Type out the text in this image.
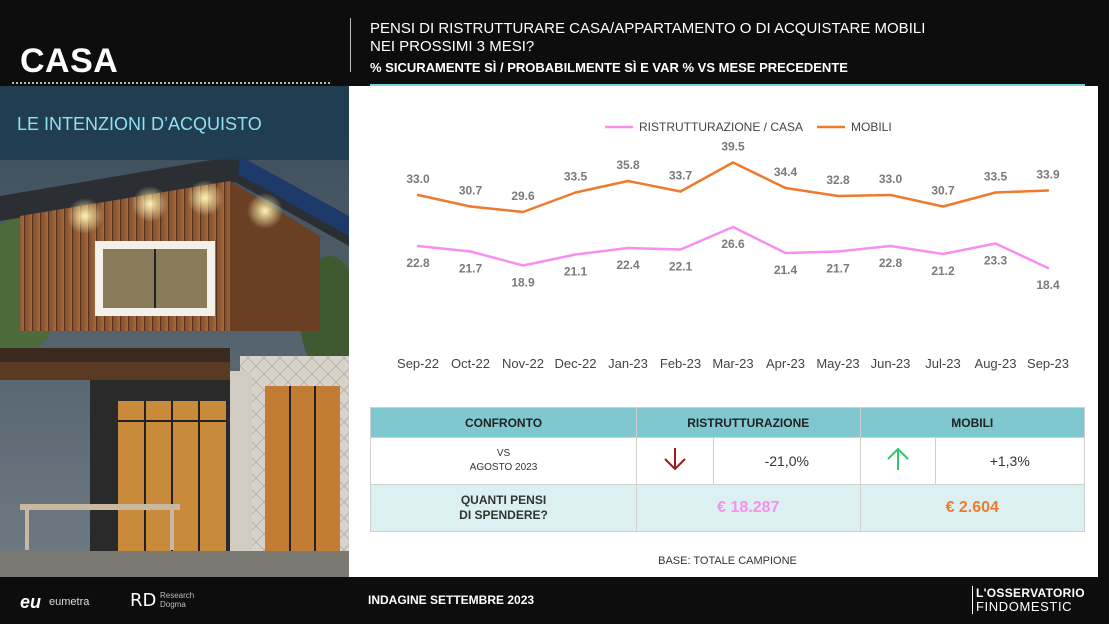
CASA
PENSI DI RISTRUTTURARE CASA/APPARTAMENTO O DI ACQUISTARE MOBILI
NEI PROSSIMI 3 MESI?
% SICURAMENTE SÌ / PROBABILMENTE SÌ E VAR % VS MESE PRECEDENTE
LE INTENZIONI D’ACQUISTO	RISTRUTTURAZIONE / CASA	MOBILI
22.8 21.7
18.9
21.1 22.4 22.1
26.6
21.4 21.7 22.8
21.2
23.3
18.4
33.0
30.7 29.6
33.5
35.8
33.7
39.5
34.4
32.8 33.0
30.7
33.5 33.9
Sep-22 Oct-22 Nov-22 Dec-22 Jan-23 Feb-23 Mar-23 Apr-23 May-23 Jun-23 Jul-23 Aug-23 Sep-23
CONFRONTO	RISTRUTTURAZIONE		MOBILI	

VS
AGOSTO 2023		-21,0%		+1,3%

QUANTI PENSI
DI SPENDERE?	€ 18.287		€ 2.604	
BASE: TOTALE CAMPIONE
eu eumetra RD Research
Dogma	INDAGINE SETTEMBRE 2023	L'OSSERVATORIO
FINDOMESTIC
